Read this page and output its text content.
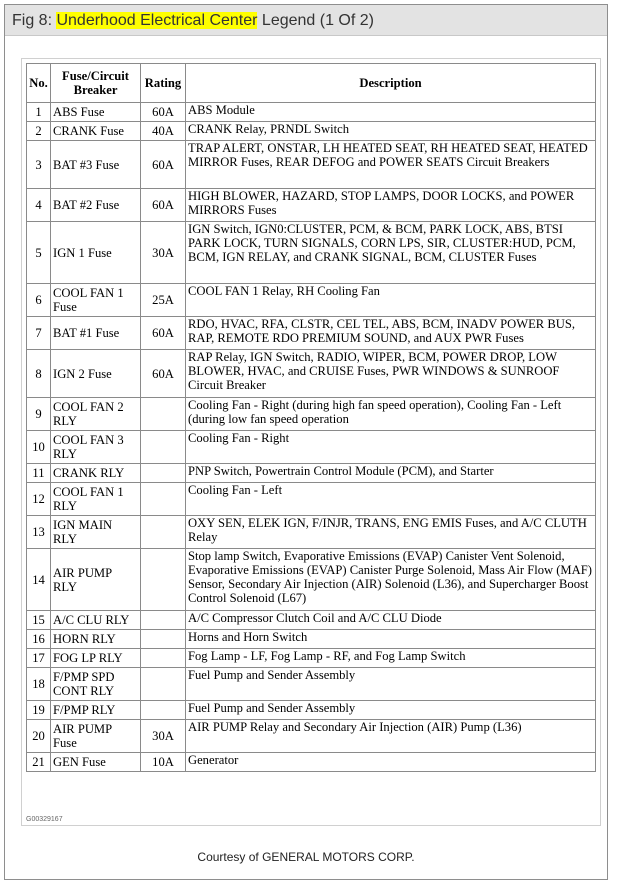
Fig 8: Underhood Electrical Center Legend (1 Of 2)
No.	Fuse/Circuit Breaker	Rating	Description
1	ABS Fuse	60A	ABS Module
2	CRANK Fuse	40A	CRANK Relay, PRNDL Switch
3	BAT #3 Fuse	60A	TRAP ALERT, ONSTAR, LH HEATED SEAT, RH HEATED SEAT, HEATED MIRROR Fuses, REAR DEFOG and POWER SEATS Circuit Breakers
4	BAT #2 Fuse	60A	HIGH BLOWER, HAZARD, STOP LAMPS, DOOR LOCKS, and POWER MIRRORS Fuses
5	IGN 1 Fuse	30A	IGN Switch, IGN0:CLUSTER, PCM, & BCM, PARK LOCK, ABS, BTSI PARK LOCK, TURN SIGNALS, CORN LPS, SIR, CLUSTER:HUD, PCM, BCM, IGN RELAY, and CRANK SIGNAL, BCM, CLUSTER Fuses
6	COOL FAN 1 Fuse	25A	COOL FAN 1 Relay, RH Cooling Fan
7	BAT #1 Fuse	60A	RDO, HVAC, RFA, CLSTR, CEL TEL, ABS, BCM, INADV POWER BUS, RAP, REMOTE RDO PREMIUM SOUND, and AUX PWR Fuses
8	IGN 2 Fuse	60A	RAP Relay, IGN Switch, RADIO, WIPER, BCM, POWER DROP, LOW BLOWER, HVAC, and CRUISE Fuses, PWR WINDOWS & SUNROOF Circuit Breaker
9	COOL FAN 2 RLY		Cooling Fan - Right (during high fan speed operation), Cooling Fan - Left (during low fan speed operation
10	COOL FAN 3 RLY		Cooling Fan - Right
11	CRANK RLY		PNP Switch, Powertrain Control Module (PCM), and Starter
12	COOL FAN 1 RLY		Cooling Fan - Left
13	IGN MAIN RLY		OXY SEN, ELEK IGN, F/INJR, TRANS, ENG EMIS Fuses, and A/C CLUTH Relay
14	AIR PUMP RLY		Stop lamp Switch, Evaporative Emissions (EVAP) Canister Vent Solenoid, Evaporative Emissions (EVAP) Canister Purge Solenoid, Mass Air Flow (MAF) Sensor, Secondary Air Injection (AIR) Solenoid (L36), and Supercharger Boost Control Solenoid (L67)
15	A/C CLU RLY		A/C Compressor Clutch Coil and A/C CLU Diode
16	HORN RLY		Horns and Horn Switch
17	FOG LP RLY		Fog Lamp - LF, Fog Lamp - RF, and Fog Lamp Switch
18	F/PMP SPD CONT RLY		Fuel Pump and Sender Assembly
19	F/PMP RLY		Fuel Pump and Sender Assembly
20	AIR PUMP Fuse	30A	AIR PUMP Relay and Secondary Air Injection (AIR) Pump (L36)
21	GEN Fuse	10A	Generator
G00329167
Courtesy of GENERAL MOTORS CORP.
